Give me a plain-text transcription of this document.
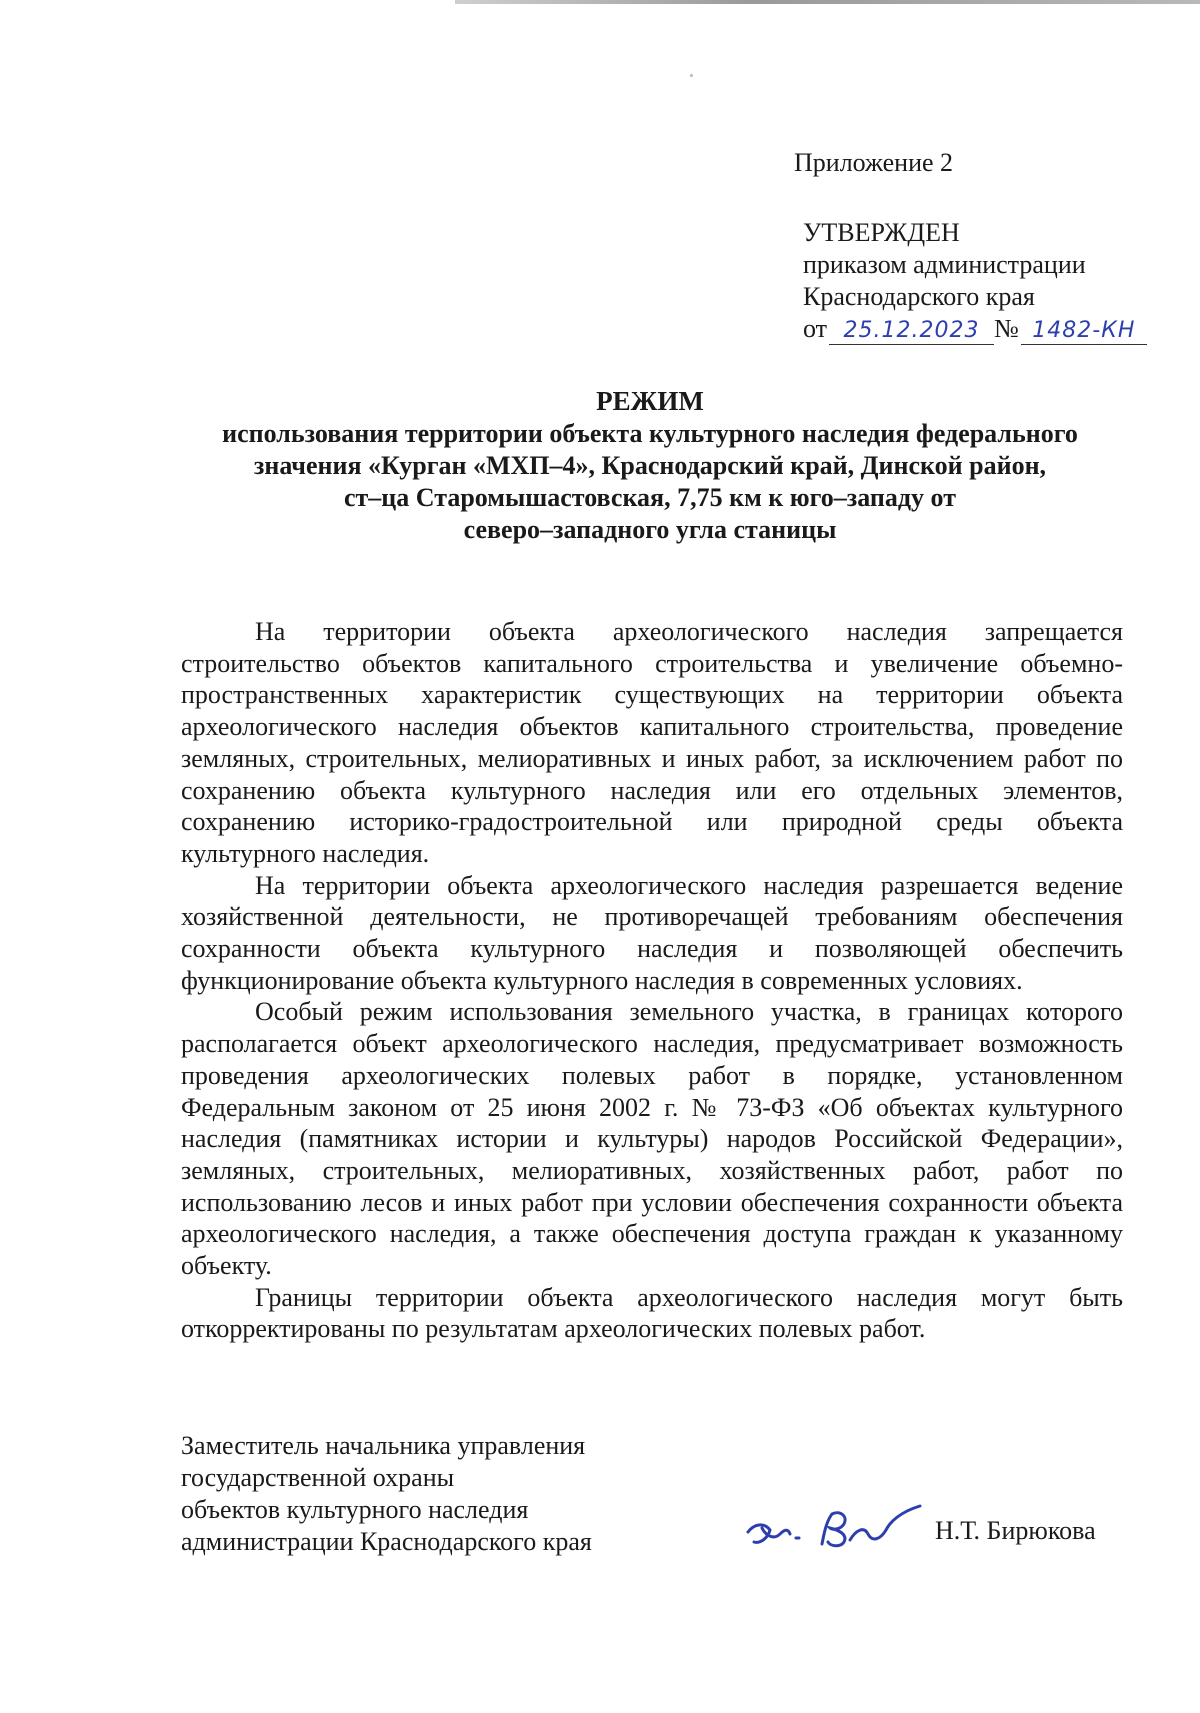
Приложение 2
УТВЕРЖДЕН
приказом администрации
Краснодарского края
от 25.12.2023 № 1482-КН
РЕЖИМ
использования территории объекта культурного наследия федерального
значения «Курган «МХП–4», Краснодарский край, Динской район,
ст–ца Старомышастовская, 7,75 км к юго–западу от
северо–западного угла станицы

На территории объекта археологического наследия запрещается строительство объектов капитального строительства и увеличение объемно-пространственных характеристик существующих на территории объекта археологического наследия объектов капитального строительства, проведение земляных, строительных, мелиоративных и иных работ, за исключением работ по сохранению объекта культурного наследия или его отдельных элементов, сохранению историко-градостроительной или природной среды объекта культурного наследия.

На территории объекта археологического наследия разрешается ведение хозяйственной деятельности, не противоречащей требованиям обеспечения сохранности объекта культурного наследия и позволяющей обеспечить функционирование объекта культурного наследия в современных условиях.

Особый режим использования земельного участка, в границах которого располагается объект археологического наследия, предусматривает возможность проведения археологических полевых работ в порядке, установленном Федеральным законом от 25 июня 2002 г. № 73-ФЗ «Об объектах культурного наследия (памятниках истории и культуры) народов Российской Федерации», земляных, строительных, мелиоративных, хозяйственных работ, работ по использованию лесов и иных работ при условии обеспечения сохранности объекта археологического наследия, а также обеспечения доступа граждан к указанному объекту.

Границы территории объекта археологического наследия могут быть откорректированы по результатам археологических полевых работ.

Заместитель начальника управления
государственной охраны
объектов культурного наследия
администрации Краснодарского края	Н.Т. Бирюкова
